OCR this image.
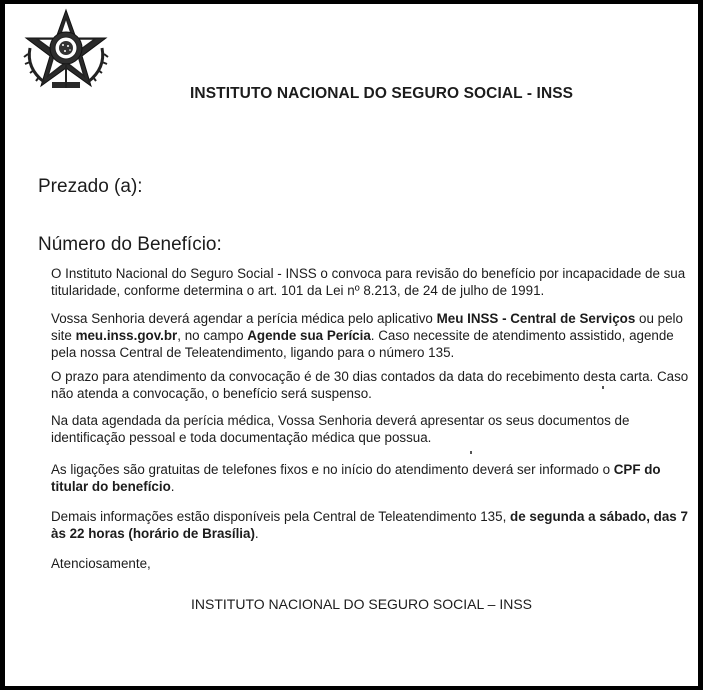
INSTITUTO NACIONAL DO SEGURO SOCIAL - INSS
Prezado (a):
Número do Benefício:
O Instituto Nacional do Seguro Social - INSS o convoca para revisão do benefício por incapacidade de sua titularidade, conforme determina o art. 101 da Lei nº 8.213, de 24 de julho de 1991.
Vossa Senhoria deverá agendar a perícia médica pelo aplicativo Meu INSS - Central de Serviços ou pelo site meu.inss.gov.br, no campo Agende sua Perícia. Caso necessite de atendimento assistido, agende pela nossa Central de Teleatendimento, ligando para o número 135.
O prazo para atendimento da convocação é de 30 dias contados da data do recebimento desta carta. Caso não atenda a convocação, o benefício será suspenso.
Na data agendada da perícia médica, Vossa Senhoria deverá apresentar os seus documentos de identificação pessoal e toda documentação médica que possua.
As ligações são gratuitas de telefones fixos e no início do atendimento deverá ser informado o CPF do titular do benefício.
Demais informações estão disponíveis pela Central de Teleatendimento 135, de segunda a sábado, das 7 às 22 horas (horário de Brasília).
Atenciosamente,
INSTITUTO NACIONAL DO SEGURO SOCIAL – INSS
